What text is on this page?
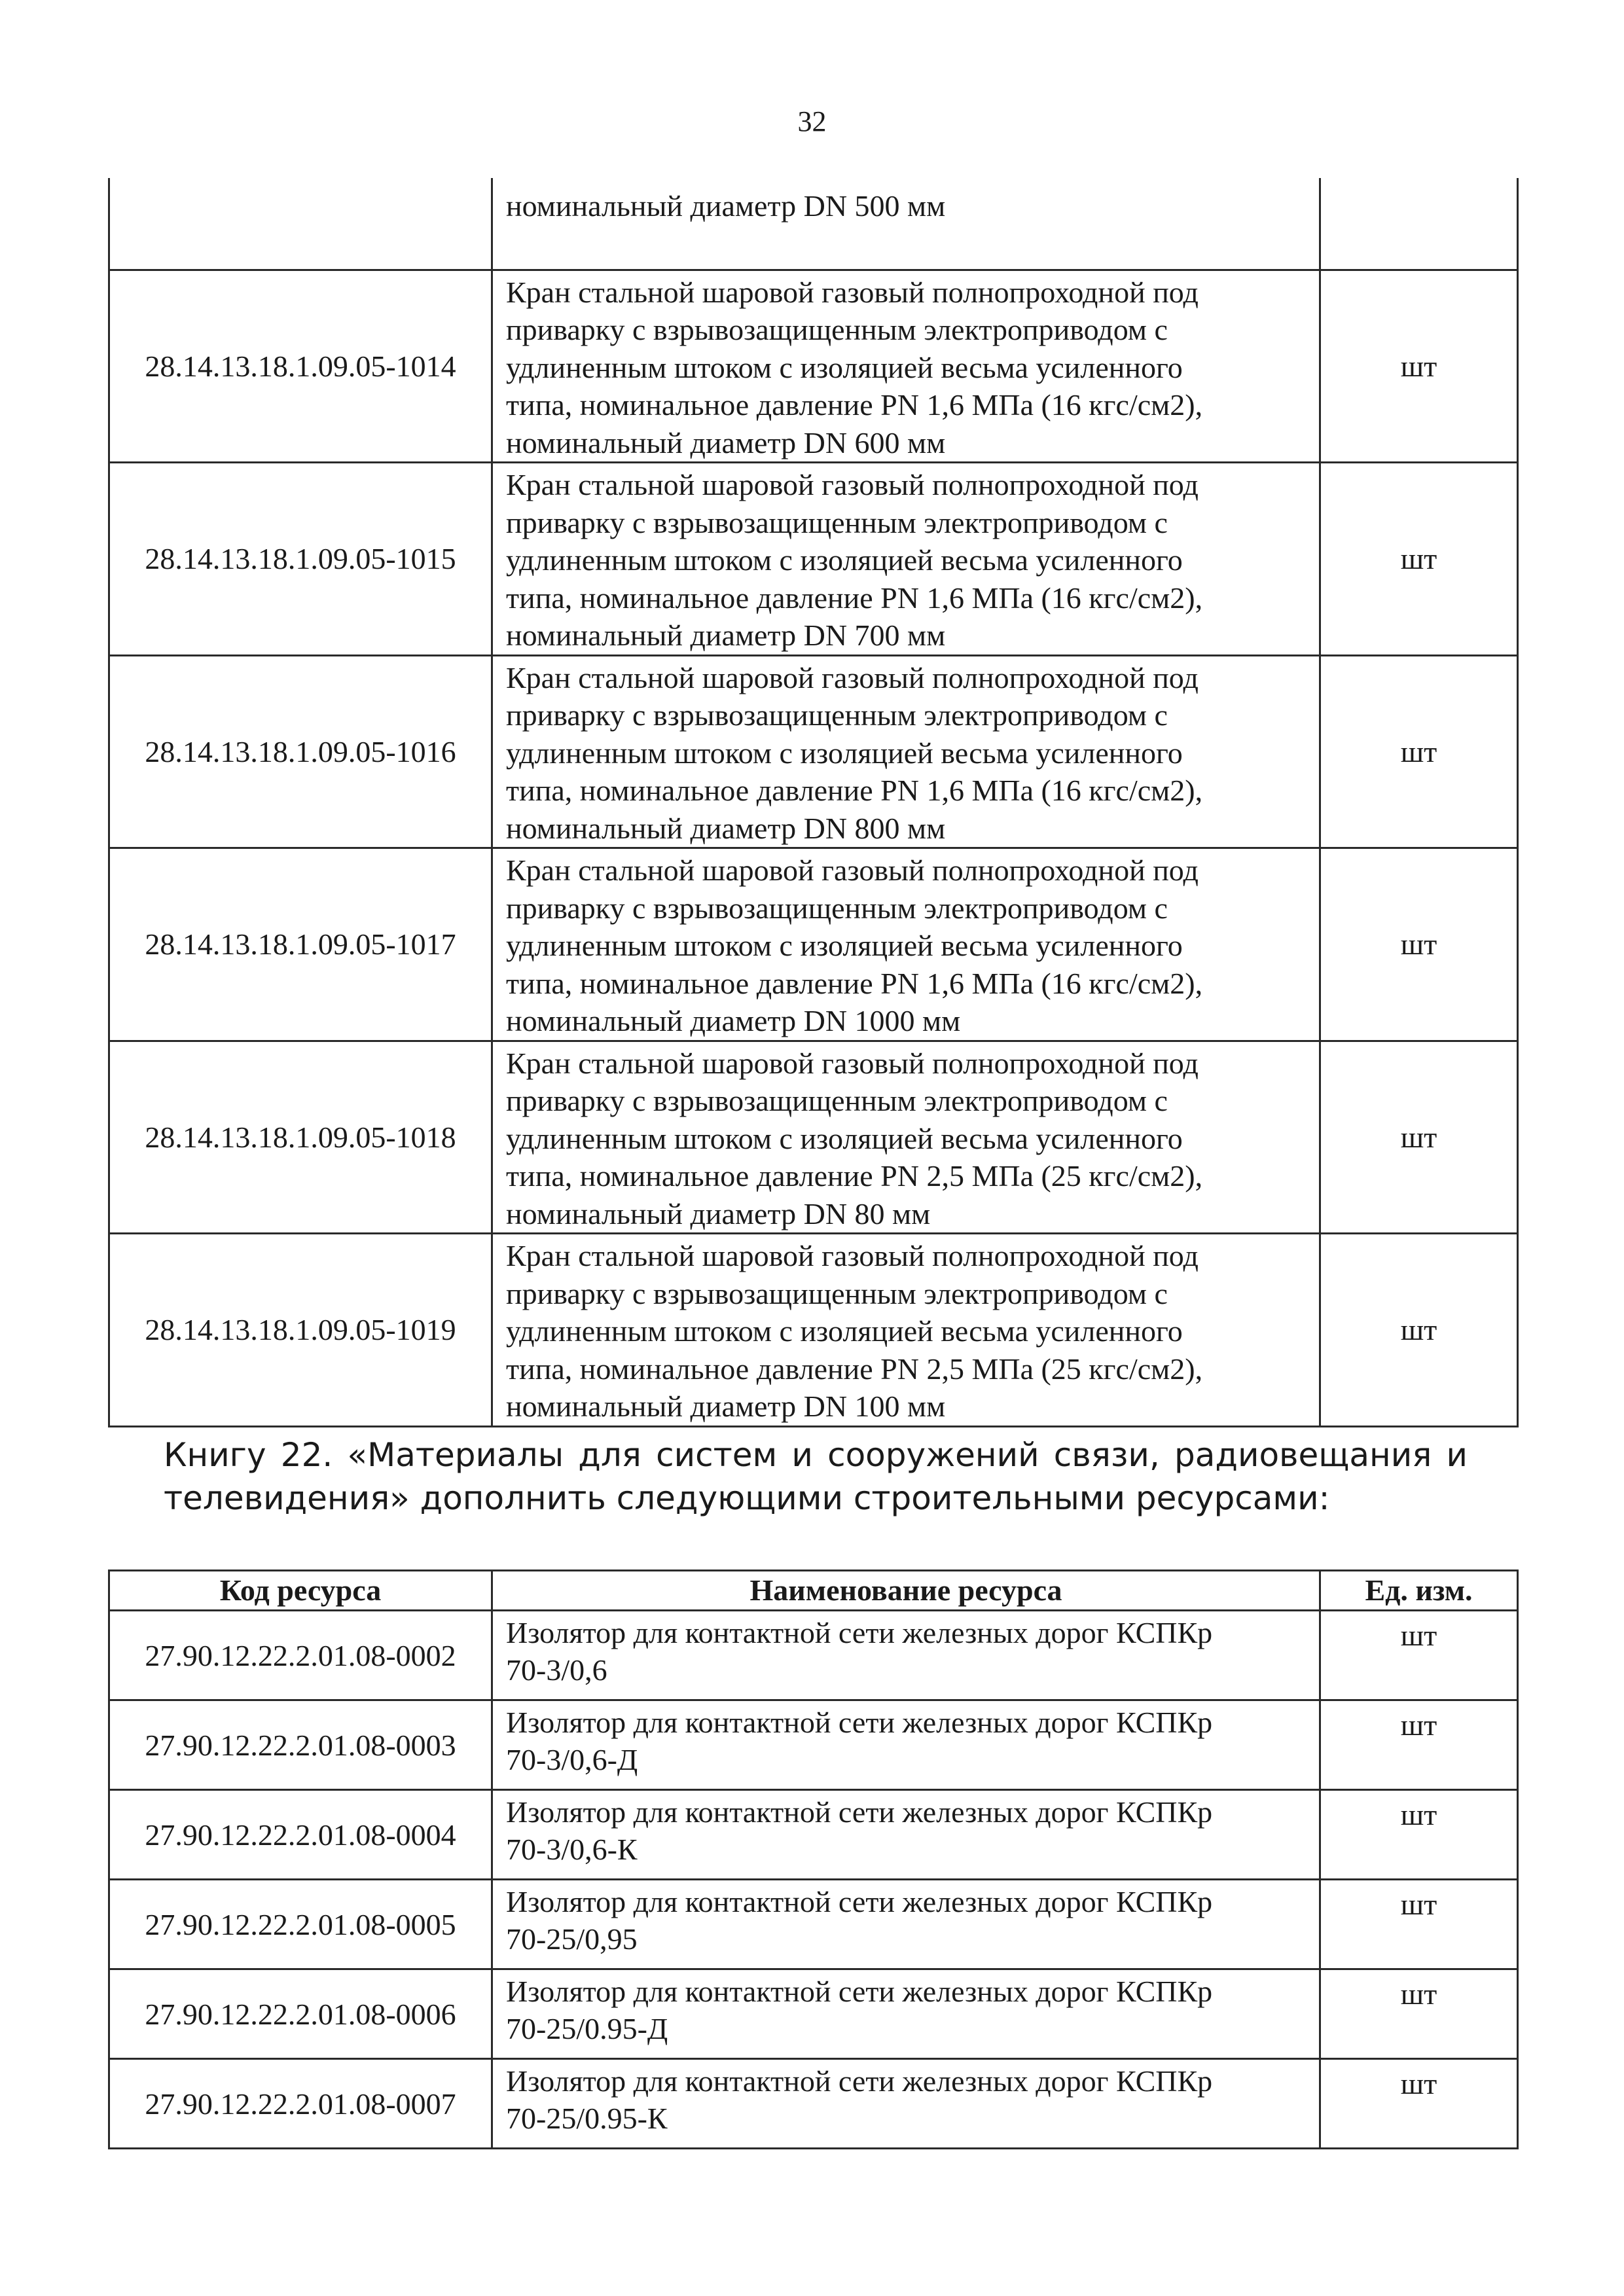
32
	номинальный диаметр DN 500 мм	
28.14.13.18.1.09.05-1014	Кран стальной шаровой газовый полнопроходной под
приварку с взрывозащищенным электроприводом с
удлиненным штоком с изоляцией весьма усиленного
типа, номинальное давление PN 1,6 МПа (16 кгс/см2),
номинальный диаметр DN 600 мм	шт
28.14.13.18.1.09.05-1015	Кран стальной шаровой газовый полнопроходной под
приварку с взрывозащищенным электроприводом с
удлиненным штоком с изоляцией весьма усиленного
типа, номинальное давление PN 1,6 МПа (16 кгс/см2),
номинальный диаметр DN 700 мм	шт
28.14.13.18.1.09.05-1016	Кран стальной шаровой газовый полнопроходной под
приварку с взрывозащищенным электроприводом с
удлиненным штоком с изоляцией весьма усиленного
типа, номинальное давление PN 1,6 МПа (16 кгс/см2),
номинальный диаметр DN 800 мм	шт
28.14.13.18.1.09.05-1017	Кран стальной шаровой газовый полнопроходной под
приварку с взрывозащищенным электроприводом с
удлиненным штоком с изоляцией весьма усиленного
типа, номинальное давление PN 1,6 МПа (16 кгс/см2),
номинальный диаметр DN 1000 мм	шт
28.14.13.18.1.09.05-1018	Кран стальной шаровой газовый полнопроходной под
приварку с взрывозащищенным электроприводом с
удлиненным штоком с изоляцией весьма усиленного
типа, номинальное давление PN 2,5 МПа (25 кгс/см2),
номинальный диаметр DN 80 мм	шт
28.14.13.18.1.09.05-1019	Кран стальной шаровой газовый полнопроходной под
приварку с взрывозащищенным электроприводом с
удлиненным штоком с изоляцией весьма усиленного
типа, номинальное давление PN 2,5 МПа (25 кгс/см2),
номинальный диаметр DN 100 мм	шт
Книгу 22. «Материалы для систем и сооружений связи, радиовещания и телевидения» дополнить следующими строительными ресурсами:
Код ресурса	Наименование ресурса	Ед. изм.
27.90.12.22.2.01.08-0002	Изолятор для контактной сети железных дорог КСПКр
70-3/0,6	шт
27.90.12.22.2.01.08-0003	Изолятор для контактной сети железных дорог КСПКр
70-3/0,6-Д	шт
27.90.12.22.2.01.08-0004	Изолятор для контактной сети железных дорог КСПКр
70-3/0,6-К	шт
27.90.12.22.2.01.08-0005	Изолятор для контактной сети железных дорог КСПКр
70-25/0,95	шт
27.90.12.22.2.01.08-0006	Изолятор для контактной сети железных дорог КСПКр
70-25/0.95-Д	шт
27.90.12.22.2.01.08-0007	Изолятор для контактной сети железных дорог КСПКр
70-25/0.95-К	шт
